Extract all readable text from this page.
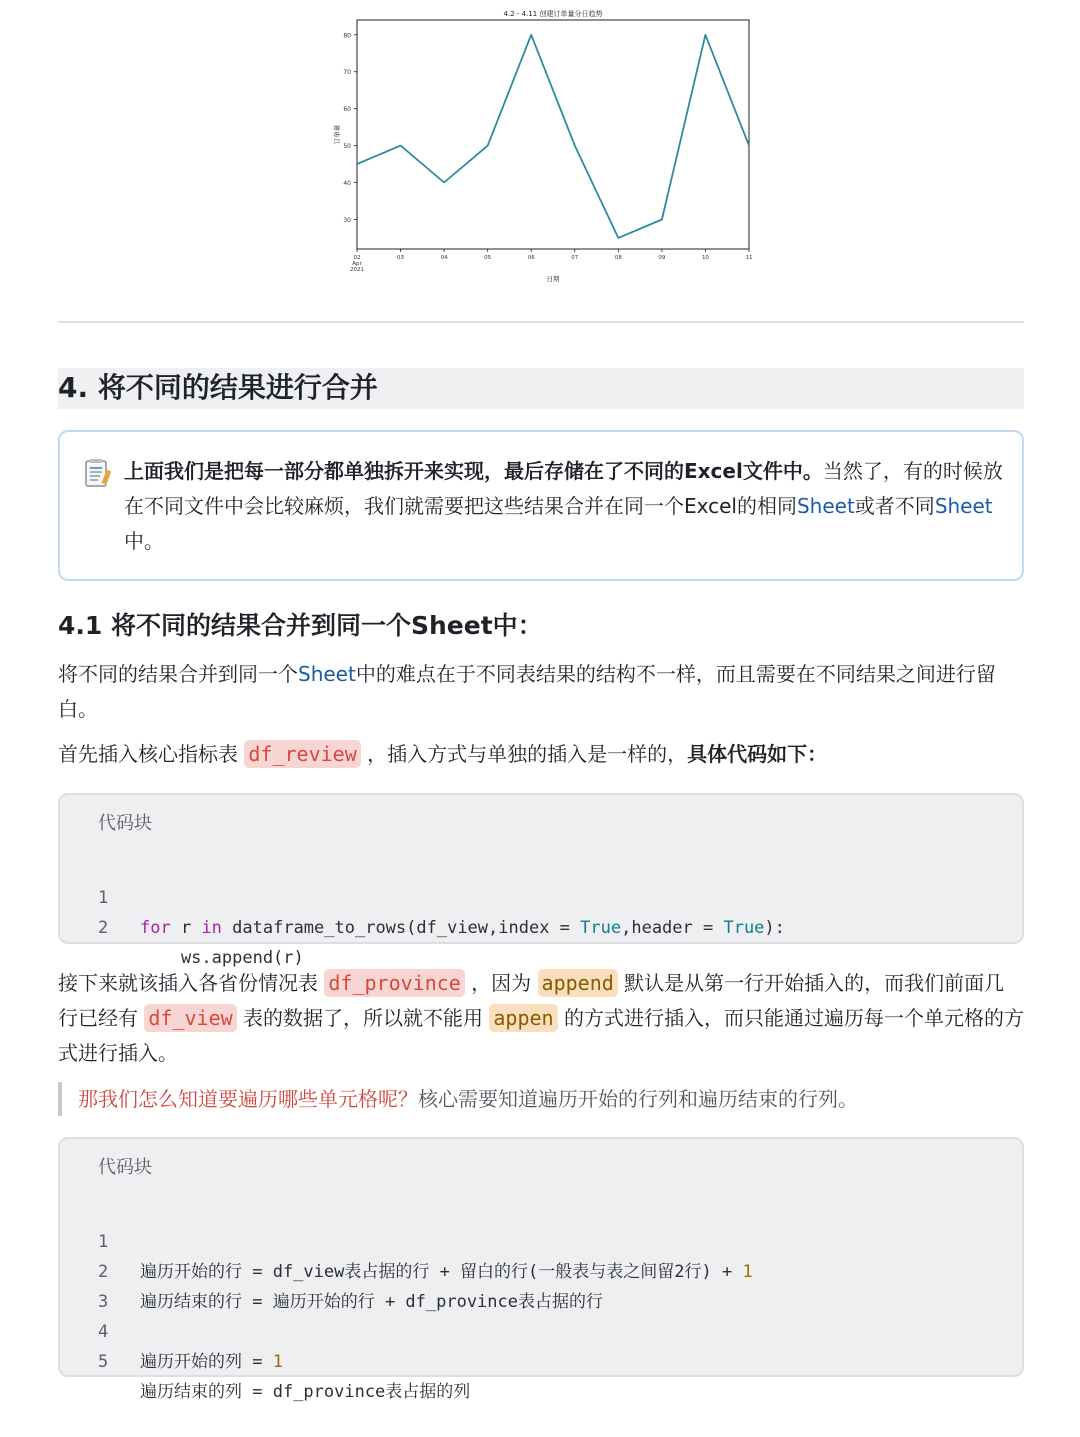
4.2 - 4.11 创建订单量分日趋势
30
40
50
60
70
80
02	03	04	05	06	07	08	09	10	11
Apr
2021
日期
订单量
4. 将不同的结果进行合并
上面我们是把每一部分都单独拆开来实现，最后存储在了不同的Excel文件中。当然了，有的时候放在不同文件中会比较麻烦，我们就需要把这些结果合并在同一个Excel的相同Sheet或者不同Sheet中。
4.1 将不同的结果合并到同一个Sheet中：
将不同的结果合并到同一个Sheet中的难点在于不同表结果的结构不一样，而且需要在不同结果之间进行留白。
首先插入核心指标表 df_review ，插入方式与单独的插入是一样的，具体代码如下：
代码块

1

for r in dataframe_to_rows(df_view,index = True,header = True):

2

ws.append(r)

接下来就该插入各省份情况表 df_province ，因为 append 默认是从第一行开始插入的，而我们前面几行已经有 df_view 表的数据了，所以就不能用 appen 的方式进行插入，而只能通过遍历每一个单元格的方式进行插入。
那我们怎么知道要遍历哪些单元格呢？核心需要知道遍历开始的行列和遍历结束的行列。
代码块

1

遍历开始的行 = df_view表占据的行 + 留白的行(一般表与表之间留2行) + 1

2

遍历结束的行 = 遍历开始的行 + df_province表占据的行

3

4

遍历开始的列 = 1

5

遍历结束的列 = df_province表占据的列
